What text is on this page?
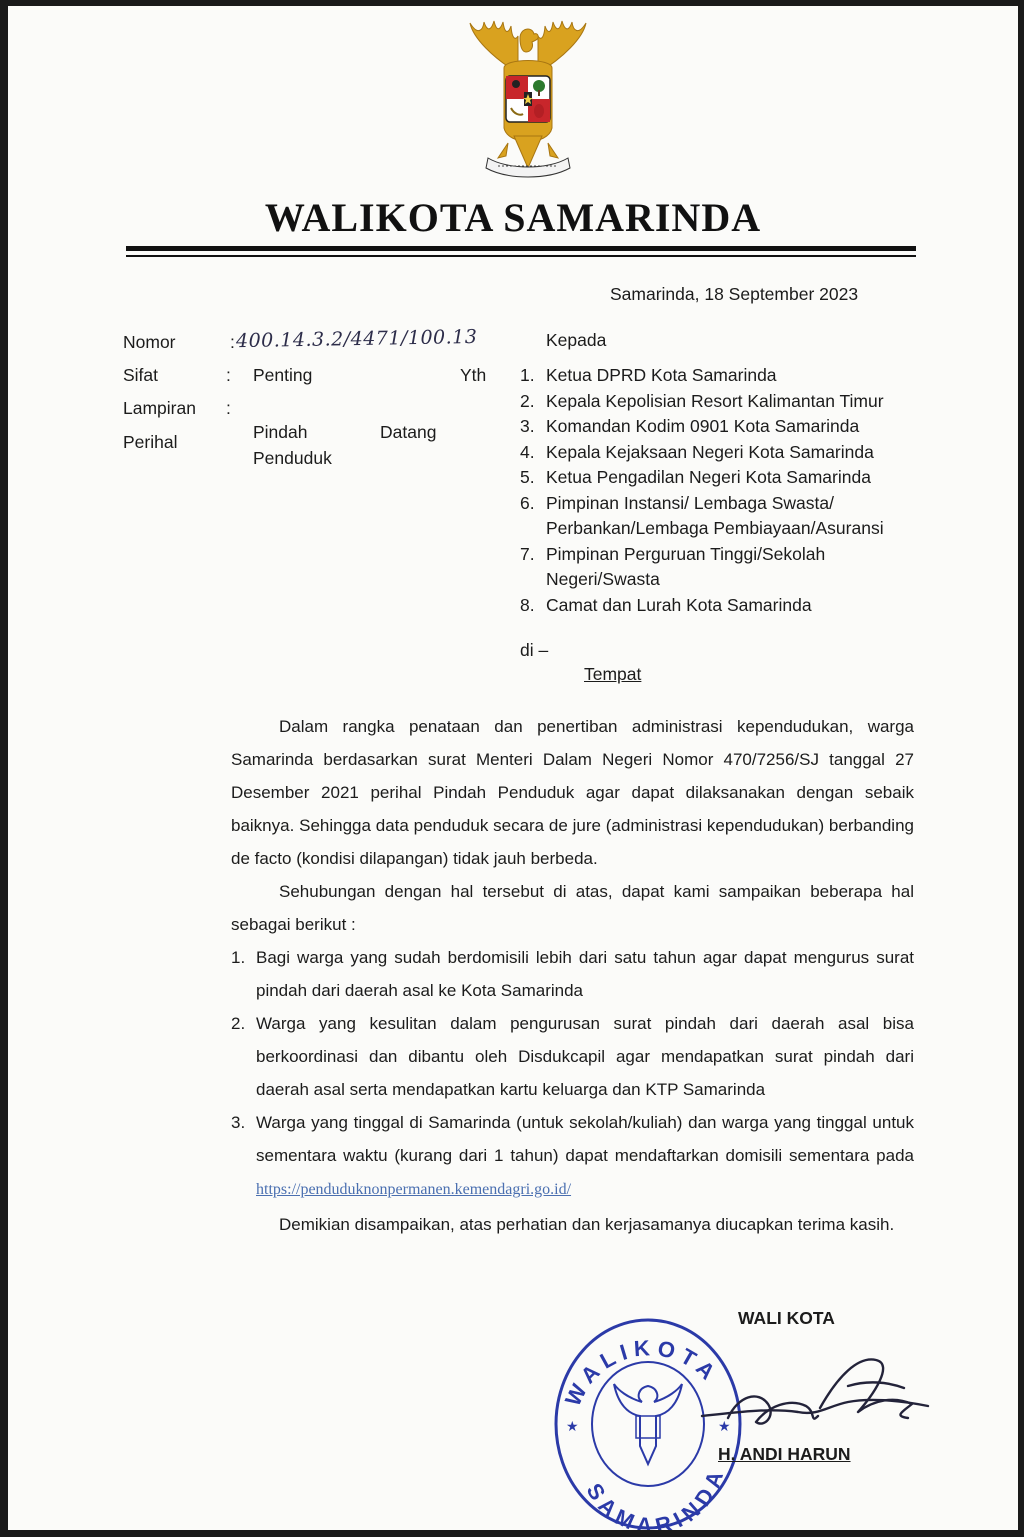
WALIKOTA SAMARINDA
Samarinda, 18 September 2023
Nomor	: 400.14.3.2/4471/100.13
Sifat	: Penting
Lampiran :
Perihal	Pindah	Datang
Penduduk
Kepada
Yth
di –
Tempat
Dalam rangka penataan dan penertiban administrasi kependudukan, warga Samarinda berdasarkan surat Menteri Dalam Negeri Nomor 470/7256/SJ tanggal 27 Desember 2021 perihal Pindah Penduduk agar dapat dilaksanakan dengan sebaik baiknya. Sehingga data penduduk secara de jure (administrasi kependudukan) berbanding de facto (kondisi dilapangan) tidak jauh berbeda.
Sehubungan dengan hal tersebut di atas, dapat kami sampaikan beberapa hal sebagai berikut :
1. Bagi warga yang sudah berdomisili lebih dari satu tahun agar dapat mengurus surat pindah dari daerah asal ke Kota Samarinda
2. Warga yang kesulitan dalam pengurusan surat pindah dari daerah asal bisa berkoordinasi dan dibantu oleh Disdukcapil agar mendapatkan surat pindah dari daerah asal serta mendapatkan kartu keluarga dan KTP Samarinda
3. Warga yang tinggal di Samarinda (untuk sekolah/kuliah) dan warga yang tinggal untuk sementara waktu (kurang dari 1 tahun) dapat mendaftarkan domisili sementara pada https://penduduknonpermanen.kemendagri.go.id/
Demikian disampaikan, atas perhatian dan kerjasamanya diucapkan terima kasih.
WALI KOTA
WALIKOTA
SAMARINDA
★	★
H. ANDI HARUN
1. Ketua DPRD Kota Samarinda
2. Kepala Kepolisian Resort Kalimantan Timur
3. Komandan Kodim 0901 Kota Samarinda
4. Kepala Kejaksaan Negeri Kota Samarinda
5. Ketua Pengadilan Negeri Kota Samarinda
6. Pimpinan Instansi/ Lembaga Swasta/
Perbankan/Lembaga Pembiayaan/Asuransi
7. Pimpinan Perguruan Tinggi/Sekolah
Negeri/Swasta
8. Camat dan Lurah Kota Samarinda
